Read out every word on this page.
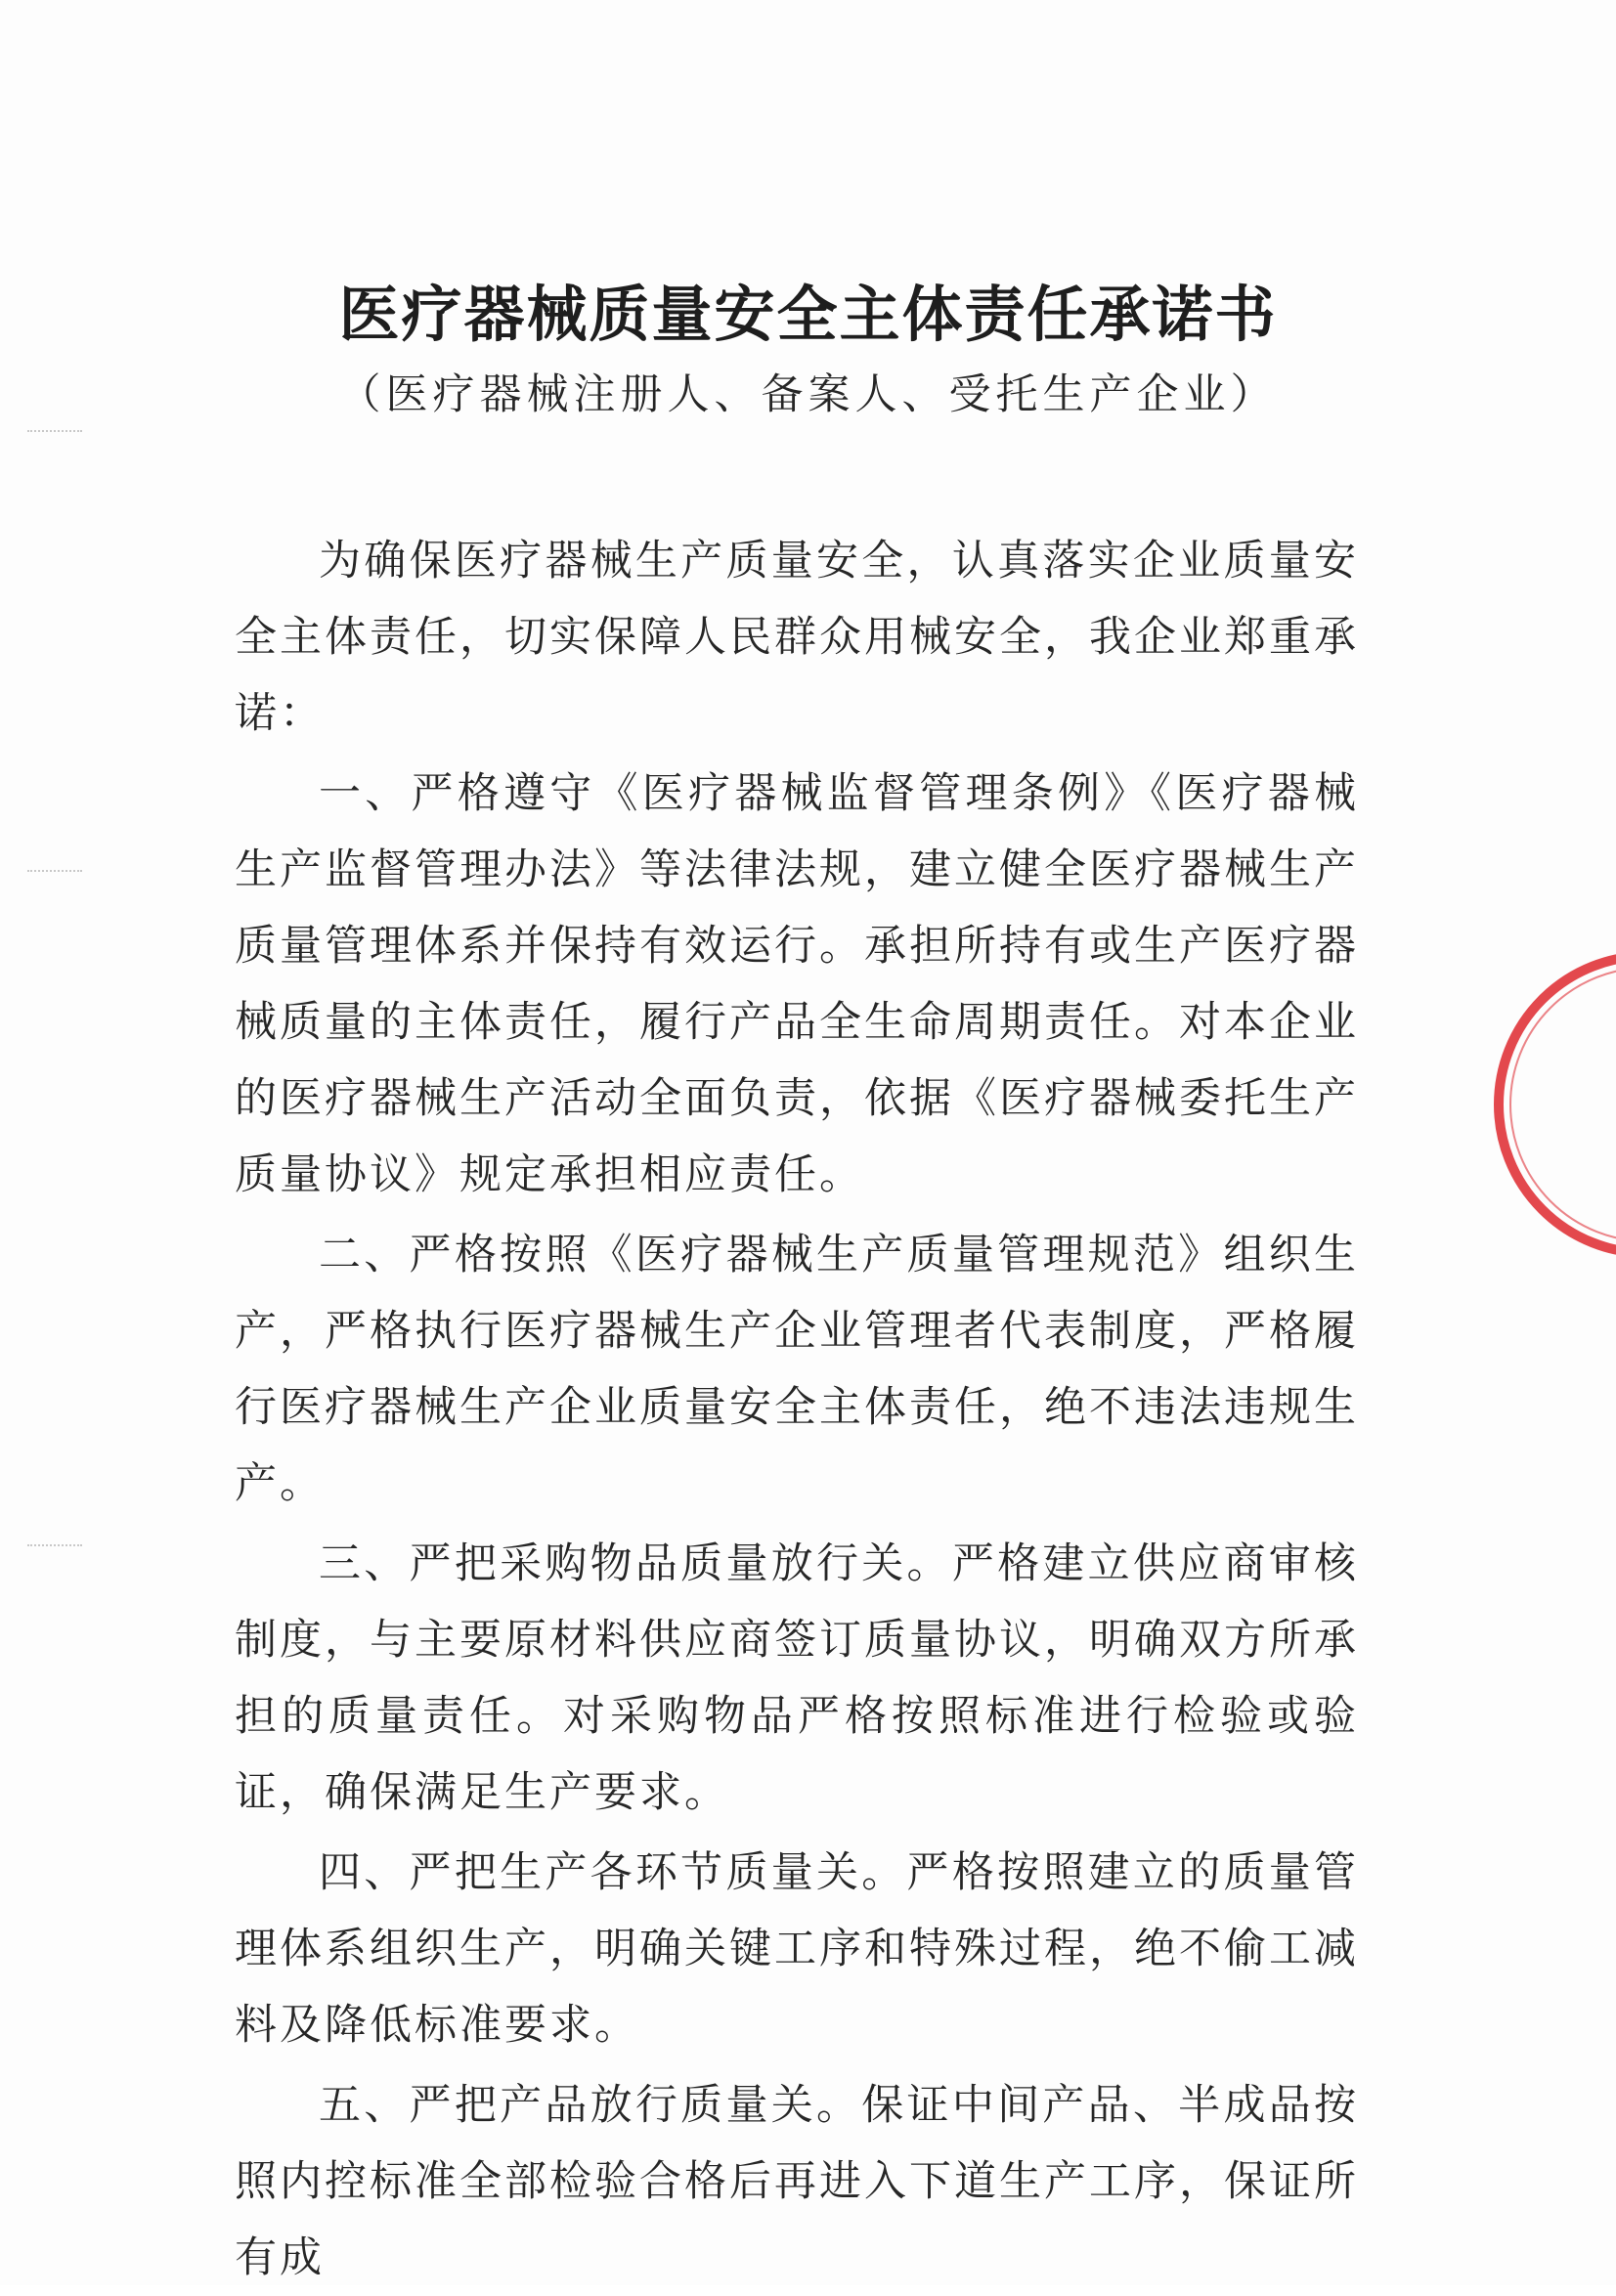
医疗器械质量安全主体责任承诺书
（医疗器械注册人、备案人、受托生产企业）

为确保医疗器械生产质量安全，认真落实企业质量安全主体责任，切实保障人民群众用械安全，我企业郑重承诺：

一、严格遵守《医疗器械监督管理条例》《医疗器械生产监督管理办法》等法律法规，建立健全医疗器械生产质量管理体系并保持有效运行。承担所持有或生产医疗器械质量的主体责任，履行产品全生命周期责任。对本企业的医疗器械生产活动全面负责，依据《医疗器械委托生产质量协议》规定承担相应责任。

二、严格按照《医疗器械生产质量管理规范》组织生产，严格执行医疗器械生产企业管理者代表制度，严格履行医疗器械生产企业质量安全主体责任，绝不违法违规生产。

三、严把采购物品质量放行关。严格建立供应商审核制度，与主要原材料供应商签订质量协议，明确双方所承担的质量责任。对采购物品严格按照标准进行检验或验证，确保满足生产要求。

四、严把生产各环节质量关。严格按照建立的质量管理体系组织生产，明确关键工序和特殊过程，绝不偷工减料及降低标准要求。

五、严把产品放行质量关。保证中间产品、半成品按照内控标准全部检验合格后再进入下道生产工序，保证所有成
